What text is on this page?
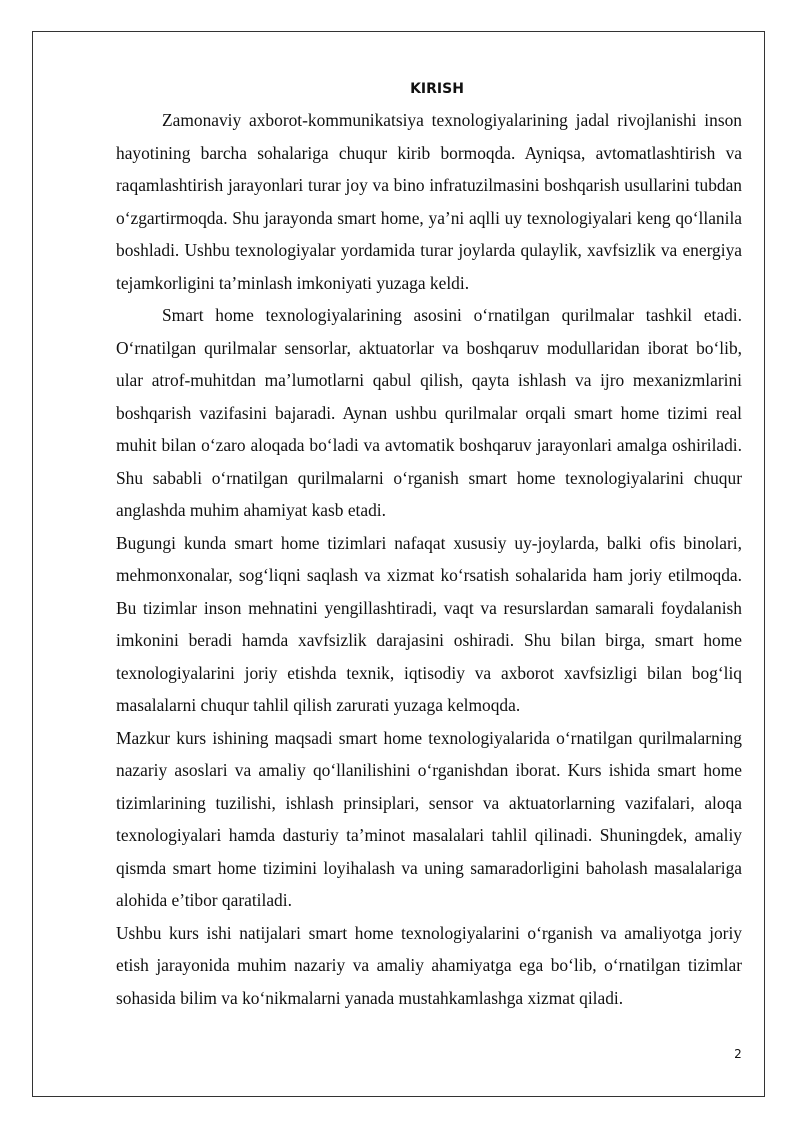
KIRISH

Zamonaviy axborot-kommunikatsiya texnologiyalarining jadal rivojlanishi inson hayotining barcha sohalariga chuqur kirib bormoqda. Ayniqsa, avtomatlashtirish va raqamlashtirish jarayonlari turar joy va bino infratuzilmasini boshqarish usullarini tubdan o‘zgartirmoqda. Shu jarayonda smart home, ya’ni aqlli uy texnologiyalari keng qo‘llanila boshladi. Ushbu texnologiyalar yordamida turar joylarda qulaylik, xavfsizlik va energiya tejamkorligini ta’minlash imkoniyati yuzaga keldi.

Smart home texnologiyalarining asosini o‘rnatilgan qurilmalar tashkil etadi. O‘rnatilgan qurilmalar sensorlar, aktuatorlar va boshqaruv modullaridan iborat bo‘lib, ular atrof-muhitdan ma’lumotlarni qabul qilish, qayta ishlash va ijro mexanizmlarini boshqarish vazifasini bajaradi. Aynan ushbu qurilmalar orqali smart home tizimi real muhit bilan o‘zaro aloqada bo‘ladi va avtomatik boshqaruv jarayonlari amalga oshiriladi. Shu sababli o‘rnatilgan qurilmalarni o‘rganish smart home texnologiyalarini chuqur anglashda muhim ahamiyat kasb etadi.

Bugungi kunda smart home tizimlari nafaqat xususiy uy-joylarda, balki ofis binolari, mehmonxonalar, sog‘liqni saqlash va xizmat ko‘rsatish sohalarida ham joriy etilmoqda. Bu tizimlar inson mehnatini yengillashtiradi, vaqt va resurslardan samarali foydalanish imkonini beradi hamda xavfsizlik darajasini oshiradi. Shu bilan birga, smart home texnologiyalarini joriy etishda texnik, iqtisodiy va axborot xavfsizligi bilan bog‘liq masalalarni chuqur tahlil qilish zarurati yuzaga kelmoqda.

Mazkur kurs ishining maqsadi smart home texnologiyalarida o‘rnatilgan qurilmalarning nazariy asoslari va amaliy qo‘llanilishini o‘rganishdan iborat. Kurs ishida smart home tizimlarining tuzilishi, ishlash prinsiplari, sensor va aktuatorlarning vazifalari, aloqa texnologiyalari hamda dasturiy ta’minot masalalari tahlil qilinadi. Shuningdek, amaliy qismda smart home tizimini loyihalash va uning samaradorligini baholash masalalariga alohida e’tibor qaratiladi.

Ushbu kurs ishi natijalari smart home texnologiyalarini o‘rganish va amaliyotga joriy etish jarayonida muhim nazariy va amaliy ahamiyatga ega bo‘lib, o‘rnatilgan tizimlar sohasida bilim va ko‘nikmalarni yanada mustahkamlashga xizmat qiladi.

2
